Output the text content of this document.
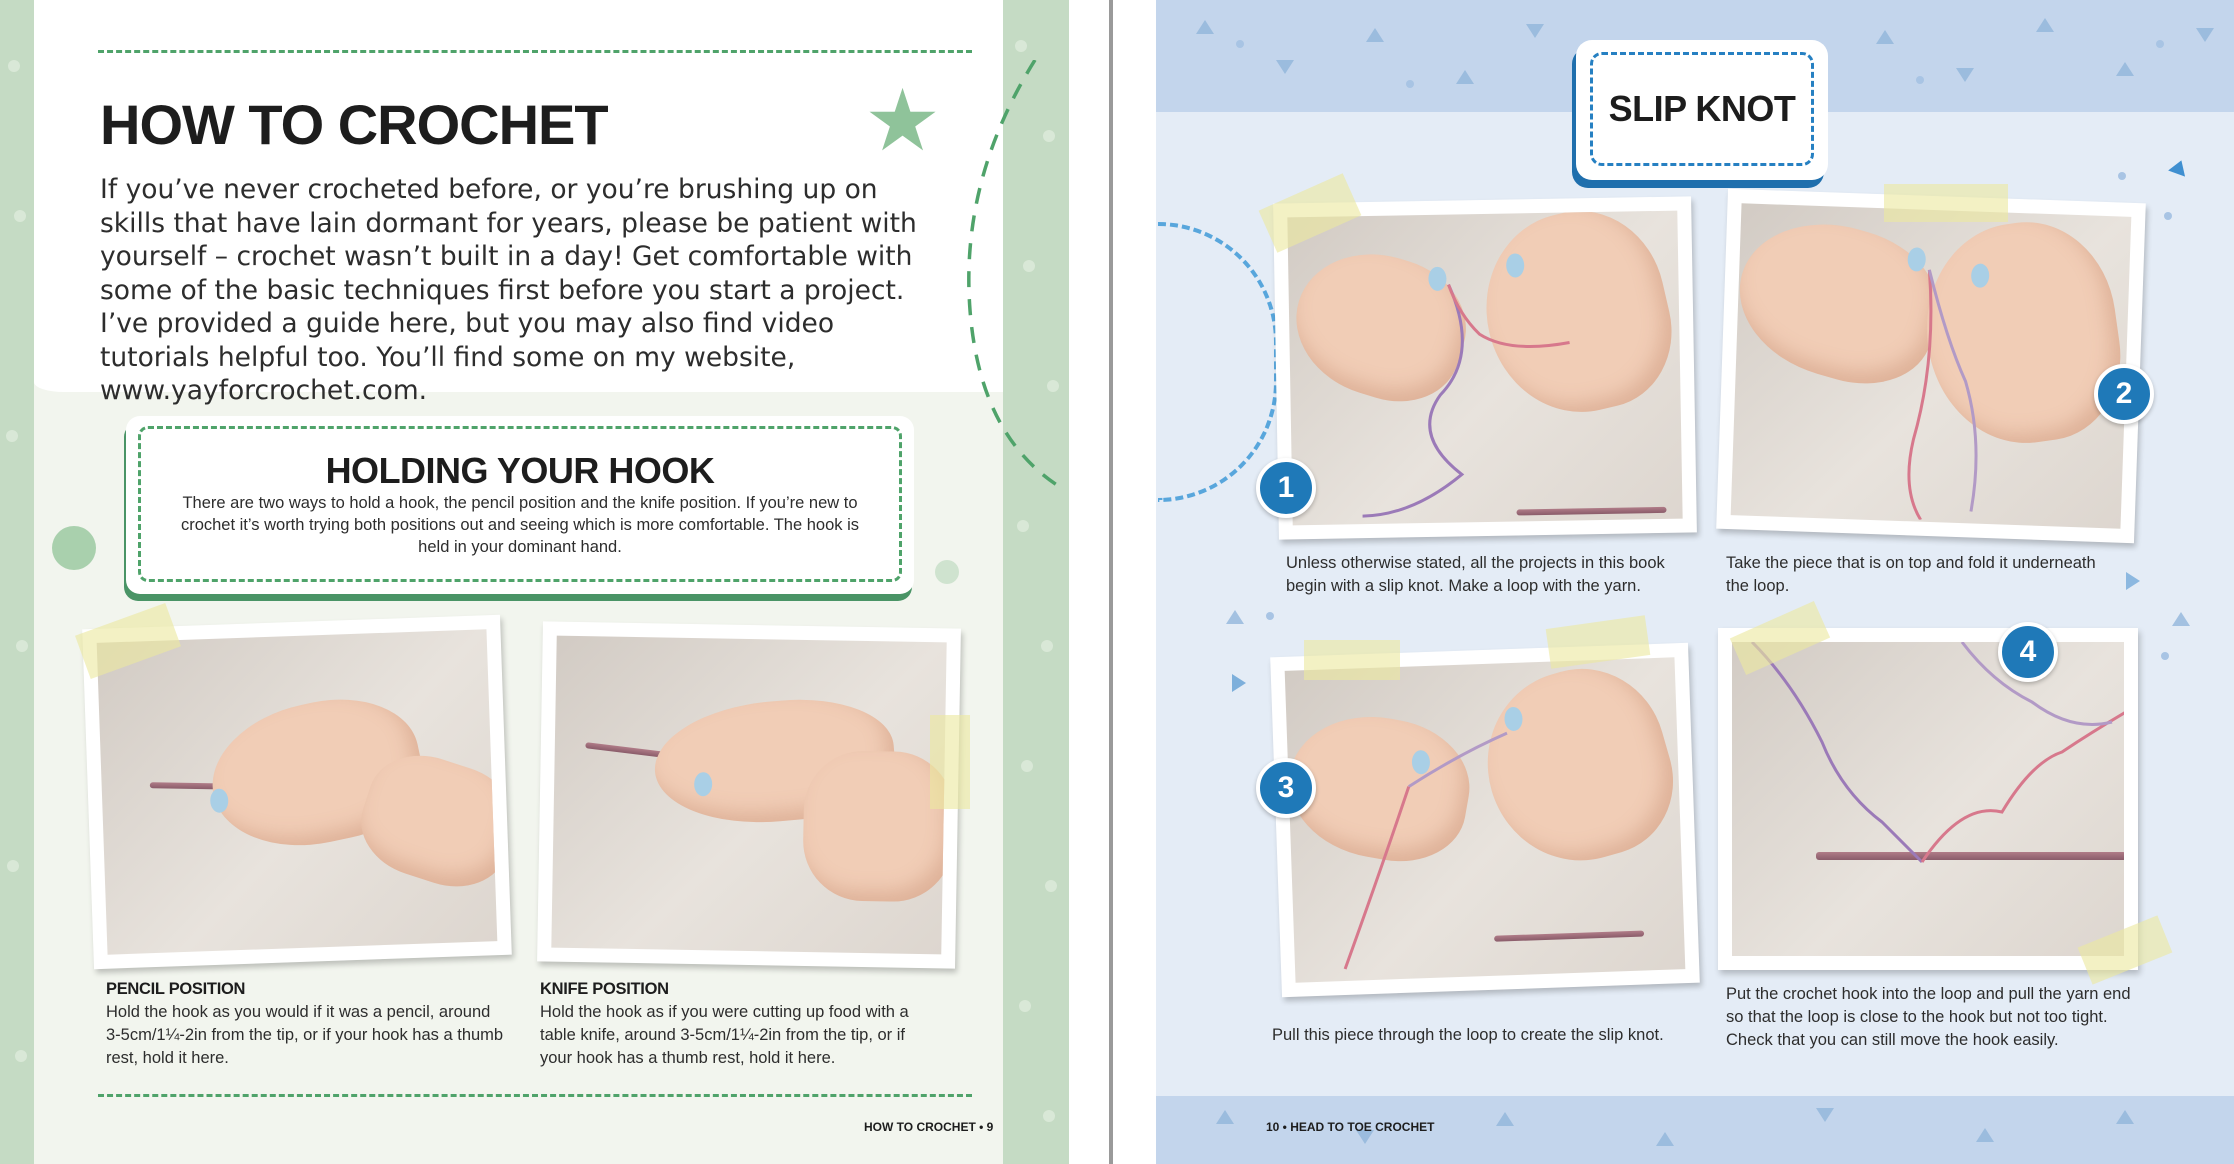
★
HOW TO CROCHET

If you’ve never crocheted before, or you’re brushing up on skills that have lain dormant for years, please be patient with yourself – crochet wasn’t built in a day! Get comfortable with some of the basic techniques first before you start a project. I’ve provided a guide here, but you may also find video tutorials helpful too. You’ll find some on my website, www.yayforcrochet.com.

HOLDING YOUR HOOK

There are two ways to hold a hook, the pencil position and the knife position. If you’re new to crochet it’s worth trying both positions out and seeing which is more comfortable. The hook is held in your dominant hand.

PENCIL POSITION

Hold the hook as you would if it was a pencil, around 3-5cm/1¼-2in from the tip, or if your hook has a thumb rest, hold it here.

KNIFE POSITION

Hold the hook as if you were cutting up food with a table knife, around 3-5cm/1¼-2in from the tip, or if your hook has a thumb rest, hold it here.

HOW TO CROCHET • 9
SLIP KNOT
1

Unless otherwise stated, all the projects in this book begin with a slip knot. Make a loop with the yarn.

2

Take the piece that is on top and fold it underneath the loop.

3

Pull this piece through the loop to create the slip knot.

4

Put the crochet hook into the loop and pull the yarn end so that the loop is close to the hook but not too tight. Check that you can still move the hook easily.

10 • HEAD TO TOE CROCHET
